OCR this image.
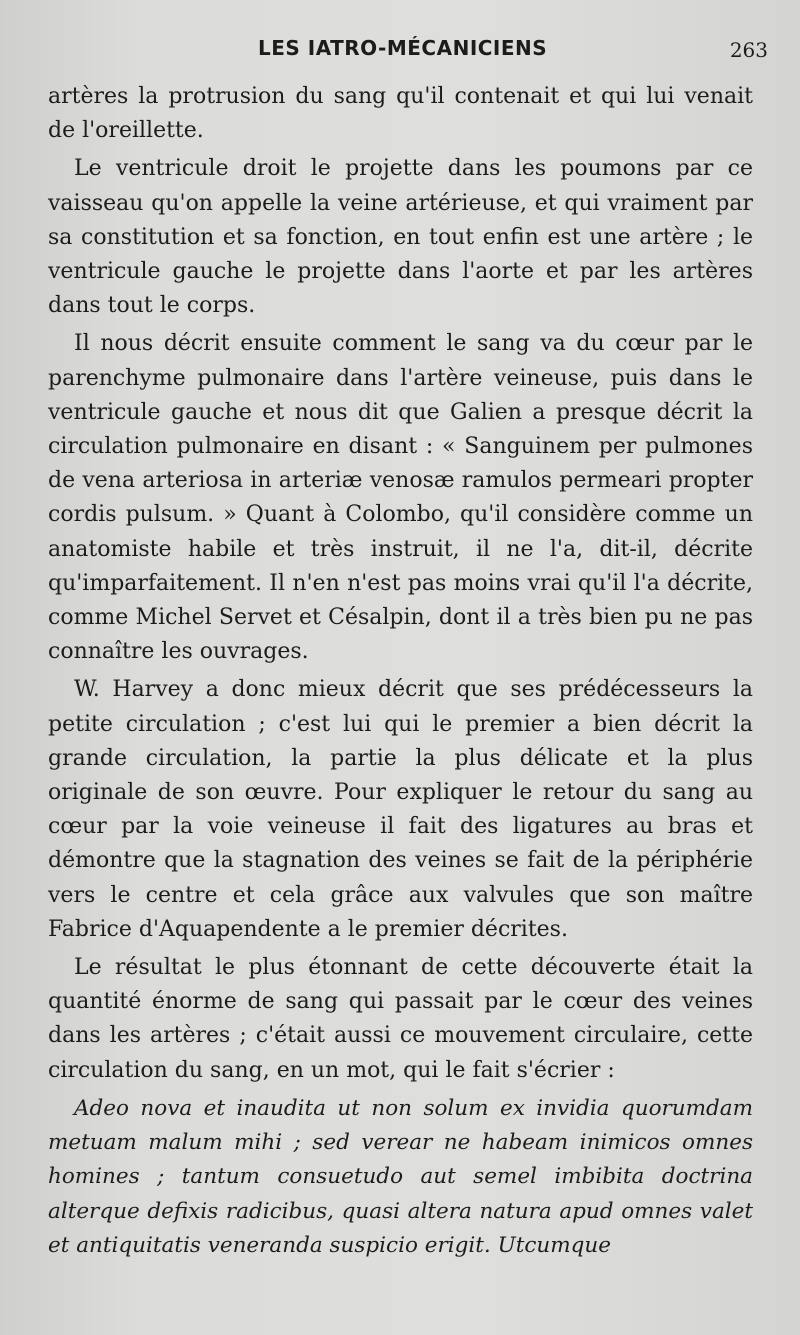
LES IATRO-MÉCANICIENS	263

artères la protrusion du sang qu'il contenait et qui lui venait de l'oreillette.

Le ventricule droit le projette dans les poumons par ce vaisseau qu'on appelle la veine artérieuse, et qui vraiment par sa constitution et sa fonction, en tout enfin est une artère ; le ventricule gauche le projette dans l'aorte et par les artères dans tout le corps.

Il nous décrit ensuite comment le sang va du cœur par le parenchyme pulmonaire dans l'artère veineuse, puis dans le ventricule gauche et nous dit que Galien a presque décrit la circulation pulmonaire en disant : « Sanguinem per pulmones de vena arteriosa in arteriæ venosæ ramulos permeari propter cordis pulsum. » Quant à Colombo, qu'il considère comme un anatomiste habile et très instruit, il ne l'a, dit-il, décrite qu'imparfaitement. Il n'en n'est pas moins vrai qu'il l'a décrite, comme Michel Servet et Césalpin, dont il a très bien pu ne pas connaître les ouvrages.

W. Harvey a donc mieux décrit que ses prédécesseurs la petite circulation ; c'est lui qui le premier a bien décrit la grande circulation, la partie la plus délicate et la plus originale de son œuvre. Pour expliquer le retour du sang au cœur par la voie veineuse il fait des ligatures au bras et démontre que la stagnation des veines se fait de la périphérie vers le centre et cela grâce aux valvules que son maître Fabrice d'Aquapendente a le premier décrites.

Le résultat le plus étonnant de cette découverte était la quantité énorme de sang qui passait par le cœur des veines dans les artères ; c'était aussi ce mouvement circulaire, cette circulation du sang, en un mot, qui le fait s'écrier :

Adeo nova et inaudita ut non solum ex invidia quorumdam metuam malum mihi ; sed verear ne habeam inimicos omnes homines ; tantum consuetudo aut semel imbibita doctrina alterque defixis radicibus, quasi altera natura apud omnes valet et antiquitatis veneranda suspicio erigit. Utcumque
